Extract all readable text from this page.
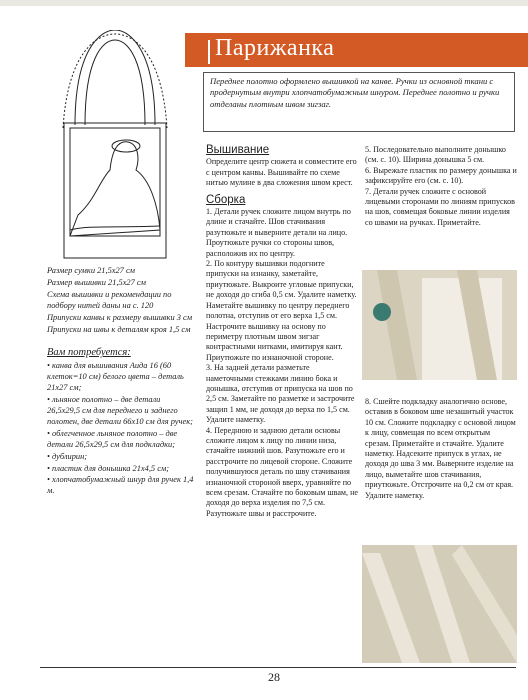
Парижанка
Переднее полотно оформлено вышивкой на канве. Ручки из основной ткани с продернутым внутри хлопчатобумажным шнуром. Переднее полотно и ручки отделаны плотным швом зигзаг.

Размер сумки 21,5х27 см

Размер вышивки 21,5х27 см

Схема вышивки и рекомендации по подбору нитей даны на с. 120

Припуски канвы к размеру вышивки 3 см

Припуски на швы к деталям кроя 1,5 см

Вам потребуется:

• канва для вышивания Аида 16 (60 клеток=10 см) белого цвета – деталь 21х27 см;

• льняное полотно – две детали 26,5х29,5 см для переднего и заднего полотен, две детали 66х10 см для ручек;

• облегченное льняное полотно – две детали 26,5х29,5 см для подкладки;

• дублирин;

• пластик для донышка 21х4,5 см;

• хлопчатобумажный шнур для ручек 1,4 м.

Вышивание

Определите центр сюжета и совместите его с центром канвы. Вышивайте по схеме нитью мулине в два сложения швом крест.

Сборка

1. Детали ручек сложите лицом внутрь по длине и стачайте. Шов стачивания разутюжьте и выверните детали на лицо. Проутюжьте ручки со стороны швов, расположив их по центру.

2. По контуру вышивки подогните припуски на изнанку, заметайте, приутюжьте. Выкроите угловые припуски, не доходя до сгиба 0,5 см. Удалите наметку. Наметайте вышивку по центру переднего полотна, отступив от его верха 1,5 см. Настрочите вышивку на основу по периметру плотным швом зигзаг контрастными нитками, имитируя кант. Приутюжьте по изнаночной стороне.

3. На задней детали разметьте наметочными стежками линию бока и донышка, отступив от припуска на шов по 2,5 см. Заметайте по разметке и застрочите защип 1 мм, не доходя до верха по 1,5 см. Удалите наметку.

4. Переднюю и заднюю детали основы сложите лицом к лицу по линии низа, стачайте нижний шов. Разутюжьте его и расстрочите по лицевой стороне. Сложите получившуюся деталь по шву стачивания изнаночной стороной вверх, уравняйте по всем срезам. Стачайте по боковым швам, не доходя до верха изделия по 7,5 см. Разутюжьте швы и расстрочите.

5. Последовательно выполните донышко (см. с. 10). Ширина донышка 5 см.

6. Вырежьте пластик по размеру донышка и зафиксируйте его (см. с. 10).

7. Детали ручек сложите с основой лицевыми сторонами по линиям припусков на шов, совмещая боковые линии изделия со швами на ручках. Приметайте.

8. Сшейте подкладку аналогично основе, оставив в боковом шве незашитый участок 10 см. Сложите подкладку с основой лицом к лицу, совмещая по всем открытым срезам. Приметайте и стачайте. Удалите наметку. Надсеките припуск в углах, не доходя до шва 3 мм. Выверните изделие на лицо, выметайте шов стачивания, приутюжьте. Отстрочите на 0,2 см от края. Удалите наметку.

28
